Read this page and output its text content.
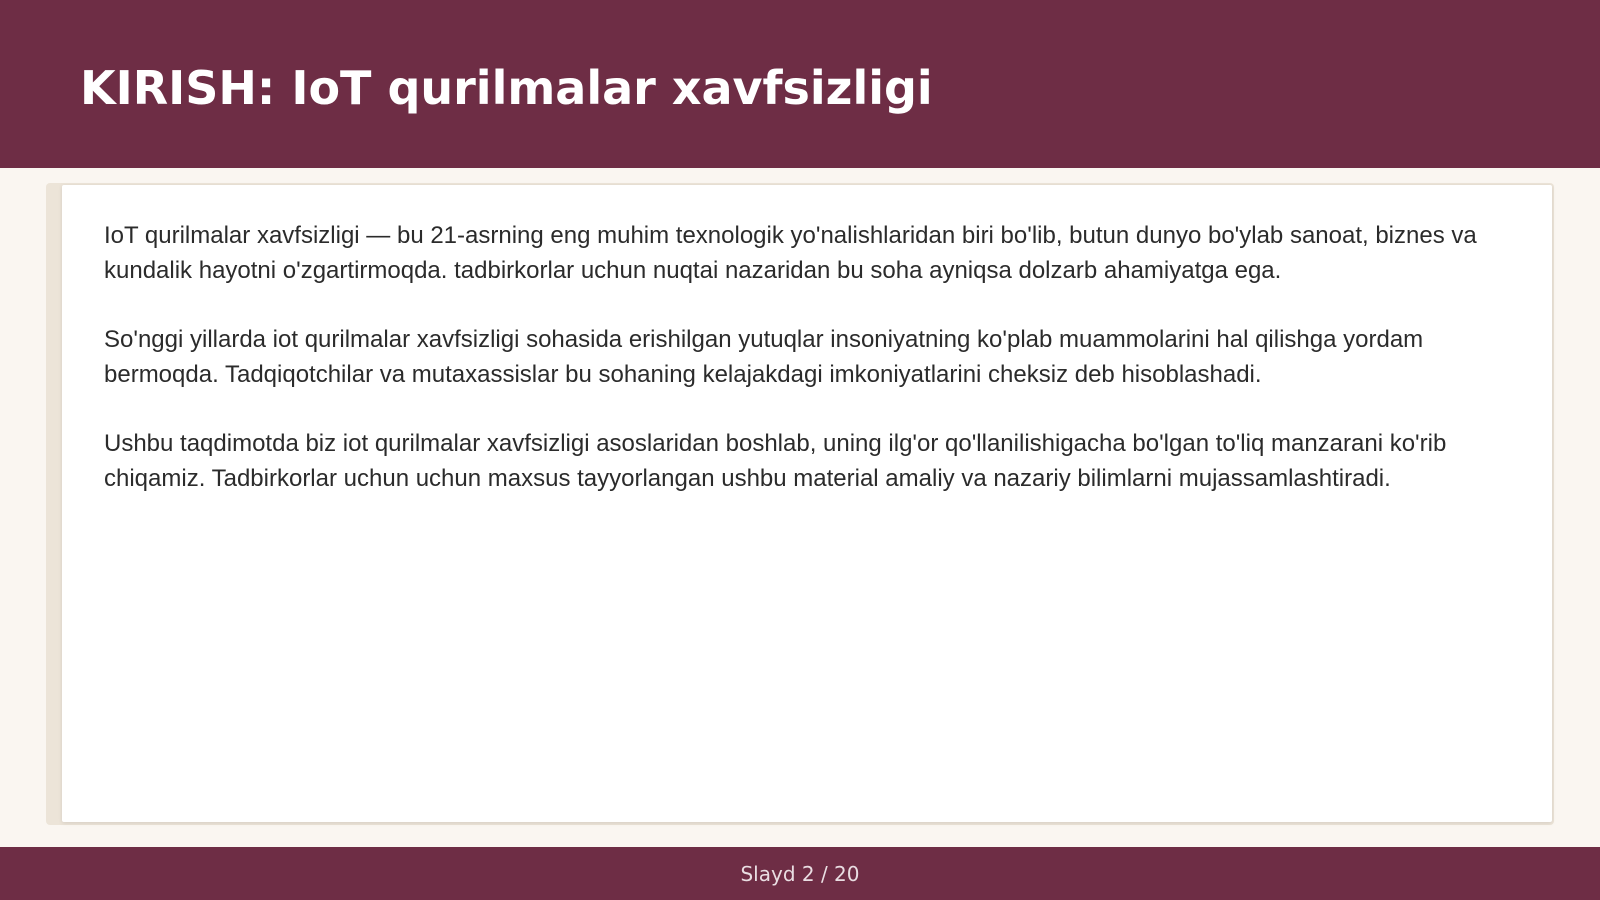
KIRISH: IoT qurilmalar xavfsizligi

IoT qurilmalar xavfsizligi — bu 21-asrning eng muhim texnologik yo'nalishlaridan biri bo'lib, butun dunyo bo'ylab sanoat, biznes va kundalik hayotni o'zgartirmoqda. tadbirkorlar uchun nuqtai nazaridan bu soha ayniqsa dolzarb ahamiyatga ega.

So'nggi yillarda iot qurilmalar xavfsizligi sohasida erishilgan yutuqlar insoniyatning ko'plab muammolarini hal qilishga yordam bermoqda. Tadqiqotchilar va mutaxassislar bu sohaning kelajakdagi imkoniyatlarini cheksiz deb hisoblashadi.

Ushbu taqdimotda biz iot qurilmalar xavfsizligi asoslaridan boshlab, uning ilg'or qo'llanilishigacha bo'lgan to'liq manzarani ko'rib chiqamiz. Tadbirkorlar uchun uchun maxsus tayyorlangan ushbu material amaliy va nazariy bilimlarni mujassamlashtiradi.

Slayd 2 / 20
